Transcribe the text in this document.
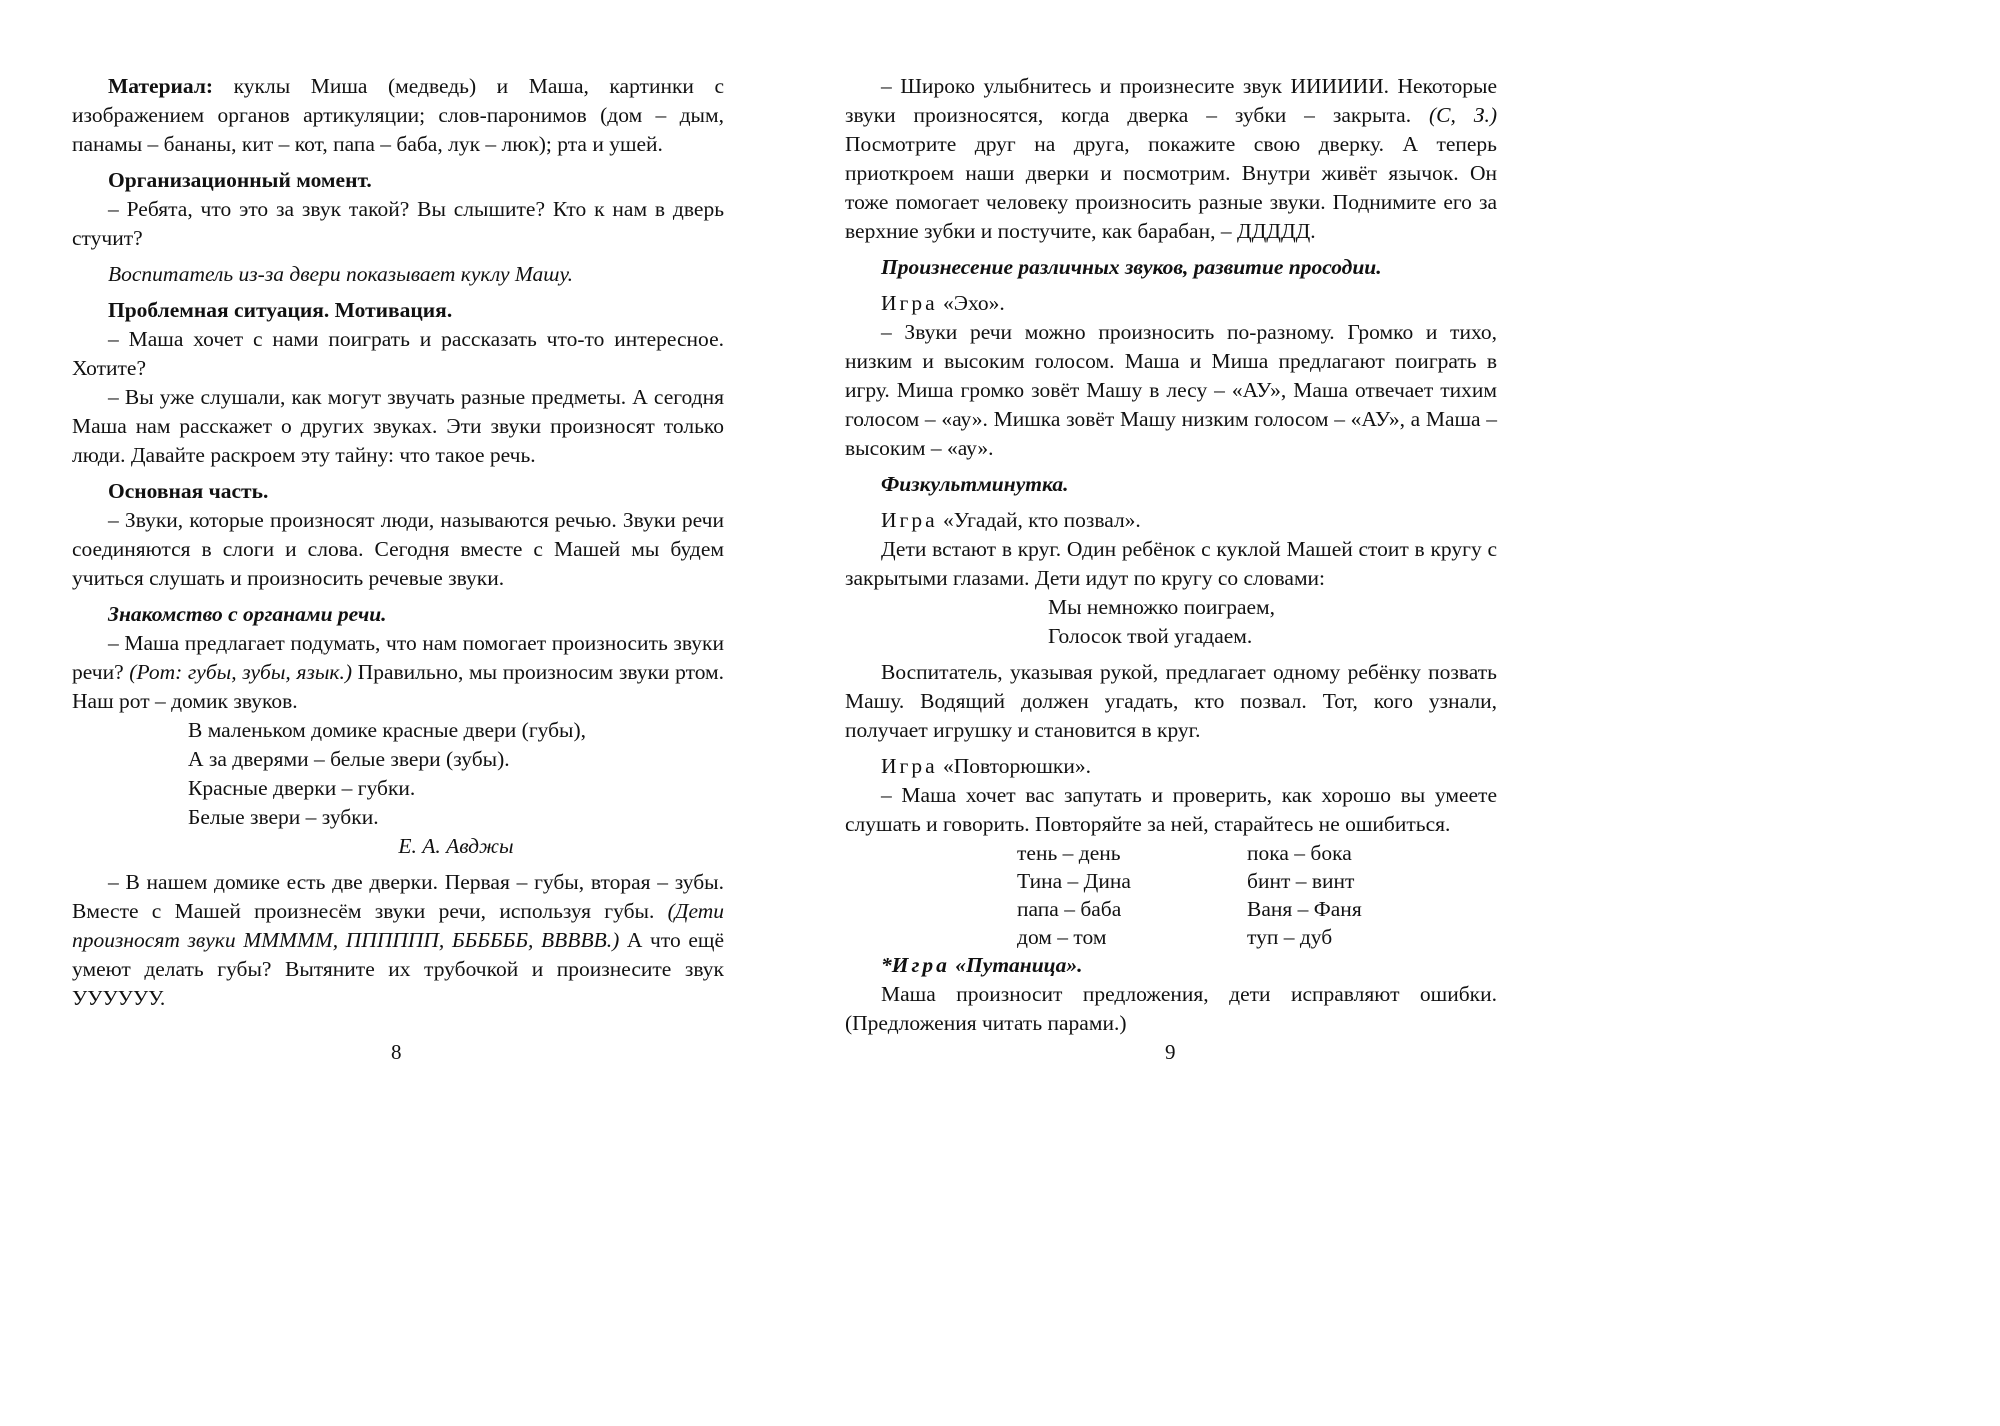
Материал: куклы Миша (медведь) и Маша, картинки с изображением органов артикуляции; слов-паронимов (дом – дым, панамы – бананы, кит – кот, папа – баба, лук – люк); рта и ушей.

Организационный момент.

– Ребята, что это за звук такой? Вы слышите? Кто к нам в дверь стучит?

Воспитатель из-за двери показывает куклу Машу.

Проблемная ситуация. Мотивация.

– Маша хочет с нами поиграть и рассказать что-то интересное. Хотите?

– Вы уже слушали, как могут звучать разные предметы. А сегодня Маша нам расскажет о других звуках. Эти звуки произносят только люди. Давайте раскроем эту тайну: что такое речь.

Основная часть.

– Звуки, которые произносят люди, называются речью. Звуки речи соединяются в слоги и слова. Сегодня вместе с Машей мы будем учиться слушать и произносить речевые звуки.

Знакомство с органами речи.

– Маша предлагает подумать, что нам помогает произносить звуки речи? (Рот: губы, зубы, язык.) Правильно, мы произносим звуки ртом. Наш рот – домик звуков.

В маленьком домике красные двери (губы),
А за дверями – белые звери (зубы).
Красные дверки – губки.
Белые звери – зубки.
Е. А. Авджы

– В нашем домике есть две дверки. Первая – губы, вторая – зубы. Вместе с Машей произнесём звуки речи, используя губы. (Дети произносят звуки МММММ, ПППППП, ББББББ, ВВВВВ.) А что ещё умеют делать губы? Вытяните их трубочкой и произнесите звук УУУУУУ.

8

– Широко улыбнитесь и произнесите звук ИИИИИИ. Некоторые звуки произносятся, когда дверка – зубки – закрыта. (С, З.) Посмотрите друг на друга, покажите свою дверку. А теперь приоткроем наши дверки и посмотрим. Внутри живёт язычок. Он тоже помогает человеку произносить разные звуки. Поднимите его за верхние зубки и постучите, как барабан, – ДДДДД.

Произнесение различных звуков, развитие просодии.

Игра «Эхо».

– Звуки речи можно произносить по-разному. Громко и тихо, низким и высоким голосом. Маша и Миша предлагают поиграть в игру. Миша громко зовёт Машу в лесу – «АУ», Маша отвечает тихим голосом – «ау». Мишка зовёт Машу низким голосом – «АУ», а Маша – высоким – «ау».

Физкультминутка.

Игра «Угадай, кто позвал».

Дети встают в круг. Один ребёнок с куклой Машей стоит в кругу с закрытыми глазами. Дети идут по кругу со словами:

Мы немножко поиграем,
Голосок твой угадаем.

Воспитатель, указывая рукой, предлагает одному ребёнку позвать Машу. Водящий должен угадать, кто позвал. Тот, кого узнали, получает игрушку и становится в круг.

Игра «Повторюшки».

– Маша хочет вас запутать и проверить, как хорошо вы умеете слушать и говорить. Повторяйте за ней, старайтесь не ошибиться.

тень – день	пока – бока
Тина – Дина	бинт – винт
папа – баба	Ваня – Фаня
дом – том	туп – дуб

*Игра «Путаница».

Маша произносит предложения, дети исправляют ошибки. (Предложения читать парами.)

9
